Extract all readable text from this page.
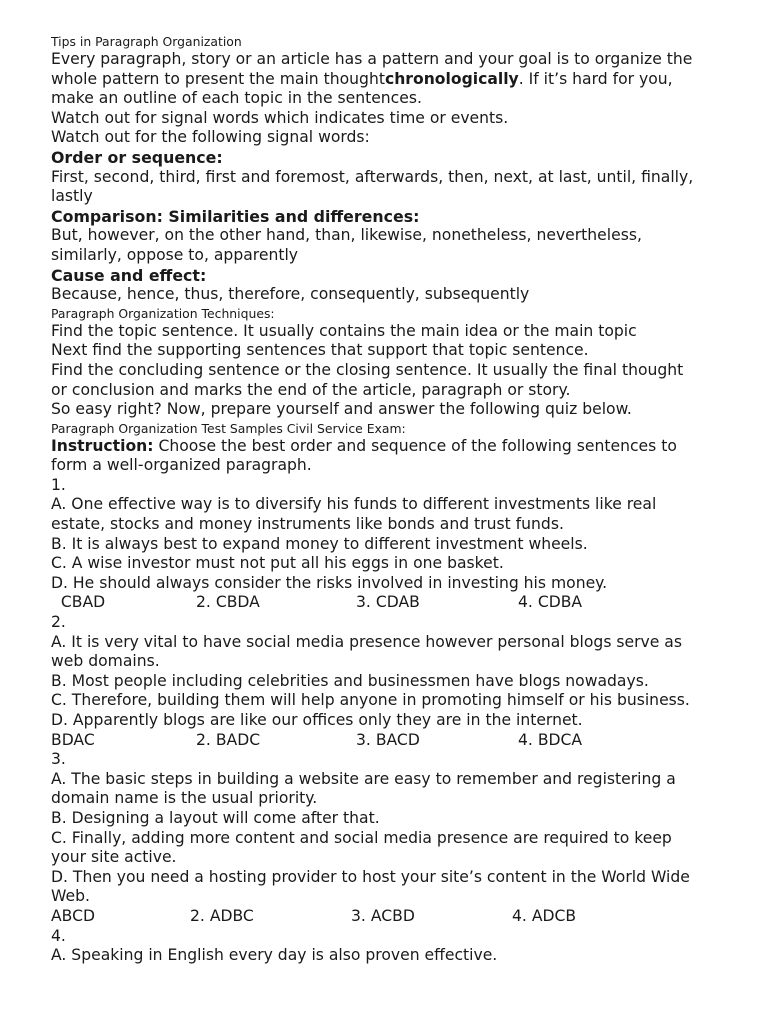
Tips in Paragraph Organization
Every paragraph, story or an article has a pattern and your goal is to organize the
whole pattern to present the main thoughtchronologically. If it’s hard for you,
make an outline of each topic in the sentences.
Watch out for signal words which indicates time or events.
Watch out for the following signal words:
Order or sequence:
First, second, third, first and foremost, afterwards, then, next, at last, until, finally,
lastly
Comparison: Similarities and differences:
But, however, on the other hand, than, likewise, nonetheless, nevertheless,
similarly, oppose to, apparently
Cause and effect:
Because, hence, thus, therefore, consequently, subsequently
Paragraph Organization Techniques:
Find the topic sentence. It usually contains the main idea or the main topic
Next find the supporting sentences that support that topic sentence.
Find the concluding sentence or the closing sentence. It usually the final thought
or conclusion and marks the end of the article, paragraph or story.
So easy right? Now, prepare yourself and answer the following quiz below.
Paragraph Organization Test Samples Civil Service Exam:
Instruction: Choose the best order and sequence of the following sentences to
form a well-organized paragraph.
1.
A. One effective way is to diversify his funds to different investments like real
estate, stocks and money instruments like bonds and trust funds.
B. It is always best to expand money to different investment wheels.
C. A wise investor must not put all his eggs in one basket.
D. He should always consider the risks involved in investing his money.
CBAD	2. CBDA	3. CDAB	4. CDBA
2.
A. It is very vital to have social media presence however personal blogs serve as
web domains.
B. Most people including celebrities and businessmen have blogs nowadays.
C. Therefore, building them will help anyone in promoting himself or his business.
D. Apparently blogs are like our offices only they are in the internet.
BDAC	2. BADC	3. BACD	4. BDCA
3.
A. The basic steps in building a website are easy to remember and registering a
domain name is the usual priority.
B. Designing a layout will come after that.
C. Finally, adding more content and social media presence are required to keep
your site active.
D. Then you need a hosting provider to host your site’s content in the World Wide
Web.
ABCD	2. ADBC	3. ACBD	4. ADCB
4.
A. Speaking in English every day is also proven effective.
